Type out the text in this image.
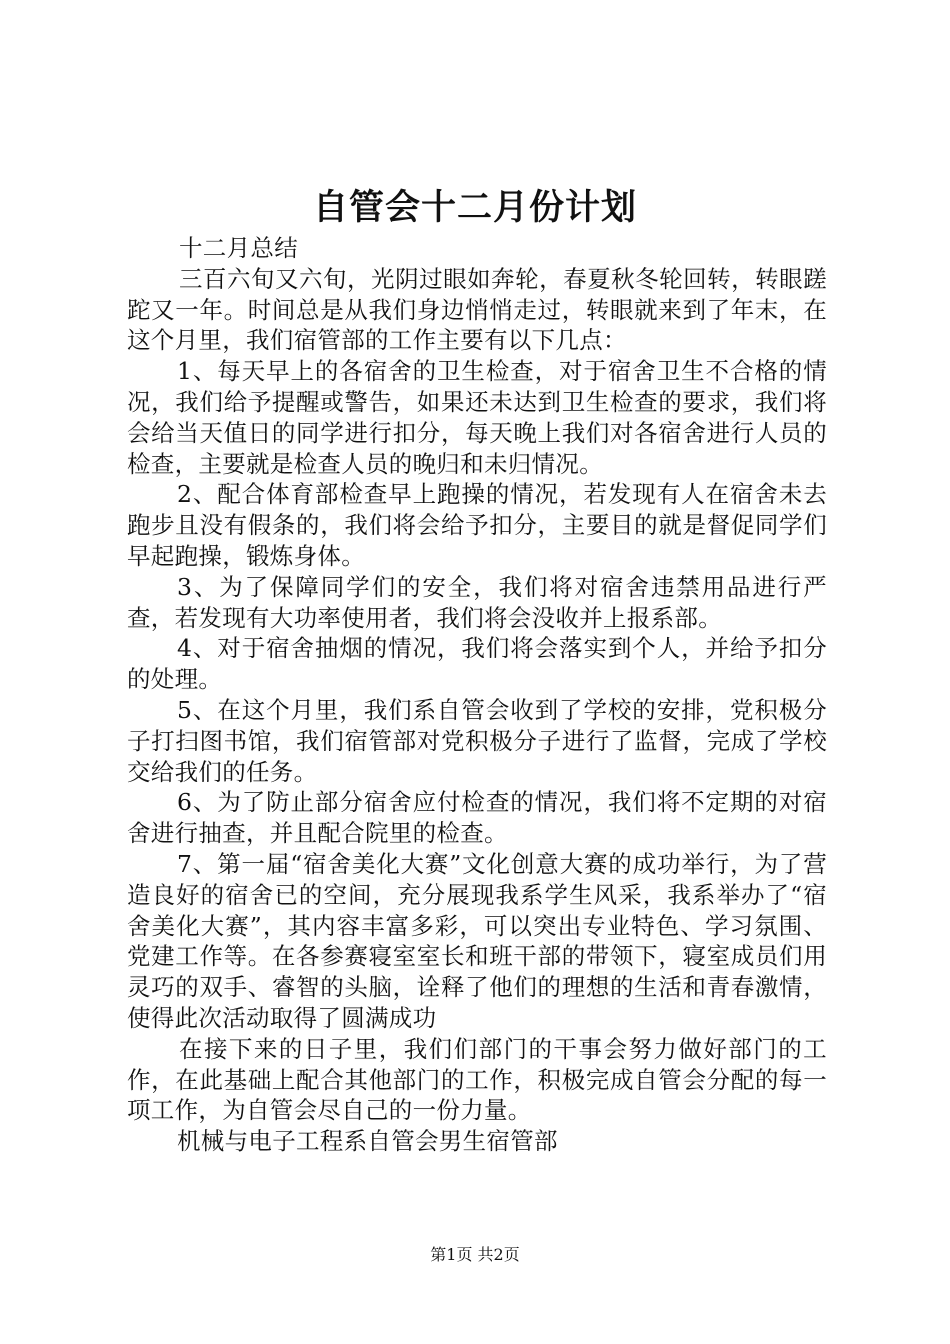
自管会十二月份计划

十二月总结

三百六旬又六旬，光阴过眼如奔轮，春夏秋冬轮回转，转眼蹉跎又一年。时间总是从我们身边悄悄走过，转眼就来到了年末，在这个月里，我们宿管部的工作主要有以下几点：

1、每天早上的各宿舍的卫生检查，对于宿舍卫生不合格的情况，我们给予提醒或警告，如果还未达到卫生检查的要求，我们将会给当天值日的同学进行扣分，每天晚上我们对各宿舍进行人员的检查，主要就是检查人员的晚归和未归情况。

2、配合体育部检查早上跑操的情况，若发现有人在宿舍未去跑步且没有假条的，我们将会给予扣分，主要目的就是督促同学们早起跑操，锻炼身体。

3、为了保障同学们的安全，我们将对宿舍违禁用品进行严查，若发现有大功率使用者，我们将会没收并上报系部。

4、对于宿舍抽烟的情况，我们将会落实到个人，并给予扣分的处理。

5、在这个月里，我们系自管会收到了学校的安排，党积极分子打扫图书馆，我们宿管部对党积极分子进行了监督，完成了学校交给我们的任务。

6、为了防止部分宿舍应付检查的情况，我们将不定期的对宿舍进行抽查，并且配合院里的检查。

7、第一届“宿舍美化大赛”文化创意大赛的成功举行，为了营造良好的宿舍已的空间，充分展现我系学生风采，我系举办了“宿舍美化大赛”，其内容丰富多彩，可以突出专业特色、学习氛围、党建工作等。在各参赛寝室室长和班干部的带领下，寝室成员们用灵巧的双手、睿智的头脑，诠释了他们的理想的生活和青春激情，使得此次活动取得了圆满成功

在接下来的日子里，我们们部门的干事会努力做好部门的工作，在此基础上配合其他部门的工作，积极完成自管会分配的每一项工作，为自管会尽自己的一份力量。

机械与电子工程系自管会男生宿管部

第1页 共2页
